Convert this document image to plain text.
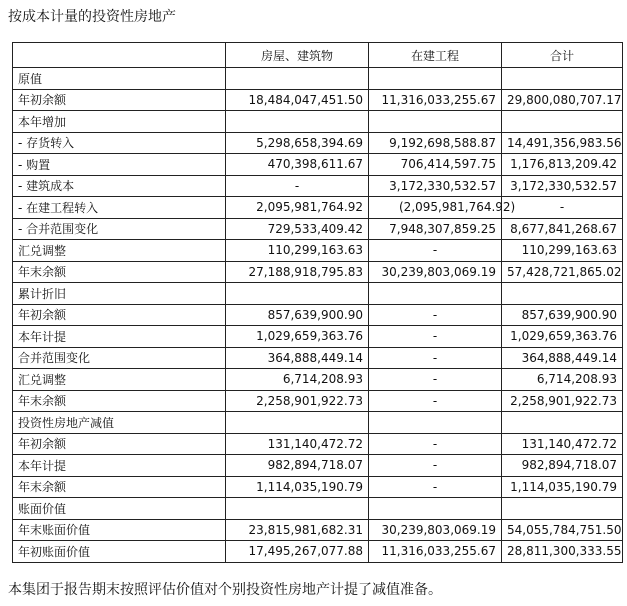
按成本计量的投资性房地产
	房屋、建筑物	在建工程	合计
原值			
年初余额	18,484,047,451.50	11,316,033,255.67	29,800,080,707.17
本年增加			
- 存货转入	5,298,658,394.69	9,192,698,588.87	14,491,356,983.56
- 购置	470,398,611.67	706,414,597.75	1,176,813,209.42
- 建筑成本	-	3,172,330,532.57	3,172,330,532.57
- 在建工程转入	2,095,981,764.92	(2,095,981,764.92)	-
- 合并范围变化	729,533,409.42	7,948,307,859.25	8,677,841,268.67
汇兑调整	110,299,163.63	-	110,299,163.63
年末余额	27,188,918,795.83	30,239,803,069.19	57,428,721,865.02
累计折旧			
年初余额	857,639,900.90	-	857,639,900.90
本年计提	1,029,659,363.76	-	1,029,659,363.76
合并范围变化	364,888,449.14	-	364,888,449.14
汇兑调整	6,714,208.93	-	6,714,208.93
年末余额	2,258,901,922.73	-	2,258,901,922.73
投资性房地产减值			
年初余额	131,140,472.72	-	131,140,472.72
本年计提	982,894,718.07	-	982,894,718.07
年末余额	1,114,035,190.79	-	1,114,035,190.79
账面价值			
年末账面价值	23,815,981,682.31	30,239,803,069.19	54,055,784,751.50
年初账面价值	17,495,267,077.88	11,316,033,255.67	28,811,300,333.55
本集团于报告期末按照评估价值对个别投资性房地产计提了减值准备。
